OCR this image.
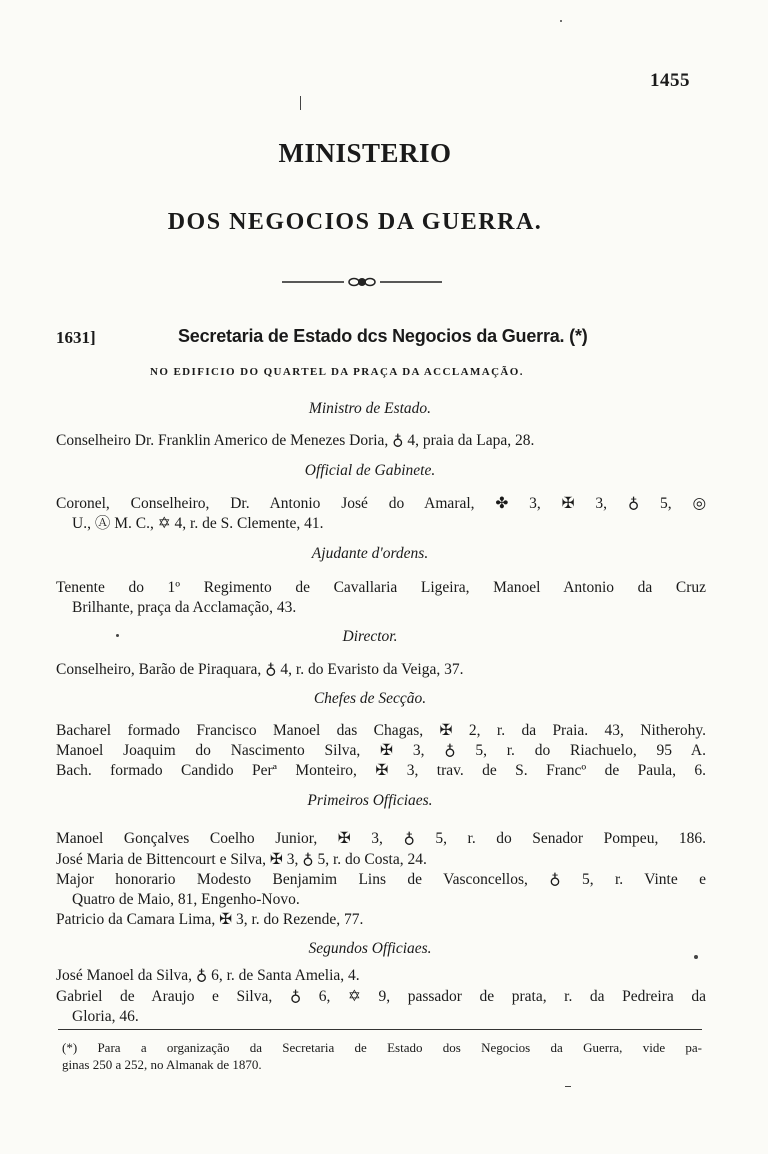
1455
MINISTERIO
DOS NEGOCIOS DA GUERRA.
1631]	Secretaria de Estado dcs Negocios da Guerra. (*)
NO EDIFICIO DO QUARTEL DA PRAÇA DA ACCLAMAÇÃO.
Ministro de Estado.
Conselheiro Dr. Franklin Americo de Menezes Doria, ♁ 4, praia da Lapa, 28.
Official de Gabinete.
Coronel, Conselheiro, Dr. Antonio José do Amaral, ✤ 3, ✠ 3, ♁ 5, ◎
U., Ⓐ M. C., ✡ 4, r. de S. Clemente, 41.
Ajudante d'ordens.
Tenente do 1º Regimento de Cavallaria Ligeira, Manoel Antonio da Cruz
Brilhante, praça da Acclamação, 43.
Director.
Conselheiro, Barão de Piraquara, ♁ 4, r. do Evaristo da Veiga, 37.
Chefes de Secção.
Bacharel formado Francisco Manoel das Chagas, ✠ 2, r. da Praia. 43, Nitherohy.
Manoel Joaquim do Nascimento Silva, ✠ 3, ♁ 5, r. do Riachuelo, 95 A.
Bach. formado Candido Perª Monteiro, ✠ 3, trav. de S. Francº de Paula, 6.
Primeiros Officiaes.
Manoel Gonçalves Coelho Junior, ✠ 3, ♁ 5, r. do Senador Pompeu, 186.
José Maria de Bittencourt e Silva, ✠ 3, ♁ 5, r. do Costa, 24.
Major honorario Modesto Benjamim Lins de Vasconcellos, ♁ 5, r. Vinte e
Quatro de Maio, 81, Engenho-Novo.
Patricio da Camara Lima, ✠ 3, r. do Rezende, 77.
Segundos Officiaes.
José Manoel da Silva, ♁ 6, r. de Santa Amelia, 4.
Gabriel de Araujo e Silva, ♁ 6, ✡ 9, passador de prata, r. da Pedreira da
Gloria, 46.
(*) Para a organização da Secretaria de Estado dos Negocios da Guerra, vide pa-
ginas 250 a 252, no Almanak de 1870.
